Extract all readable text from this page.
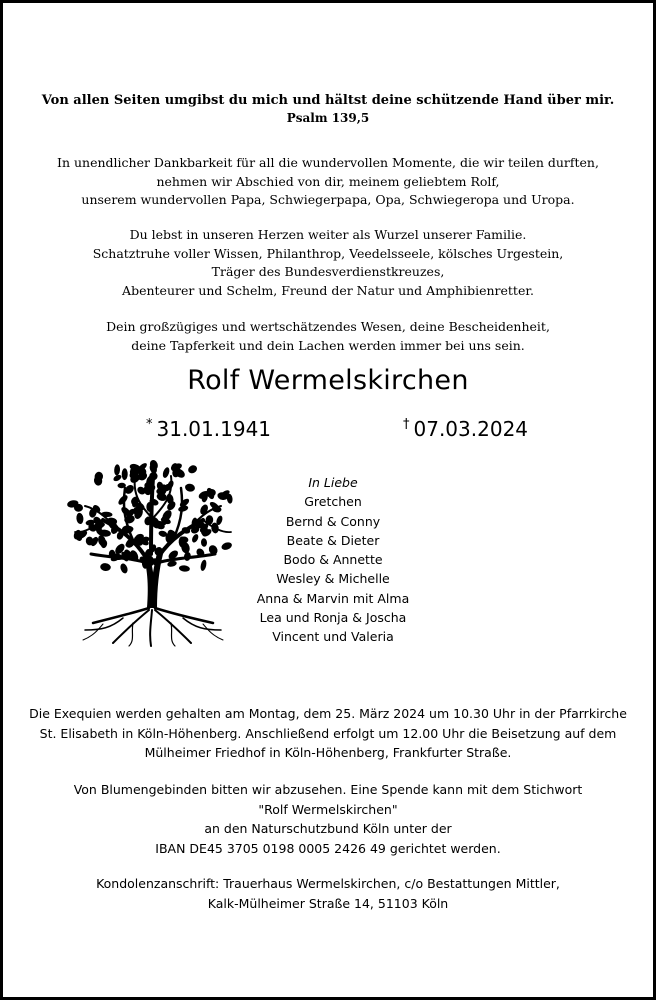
Von allen Seiten umgibst du mich und hältst deine schützende Hand über mir.
Psalm 139,5
In unendlicher Dankbarkeit für all die wundervollen Momente, die wir teilen durften,
nehmen wir Abschied von dir, meinem geliebtem Rolf,
unserem wundervollen Papa, Schwiegerpapa, Opa, Schwiegeropa und Uropa.
Du lebst in unseren Herzen weiter als Wurzel unserer Familie.
Schatztruhe voller Wissen, Philanthrop, Veedelsseele, kölsches Urgestein,
Träger des Bundesverdienstkreuzes,
Abenteurer und Schelm, Freund der Natur und Amphibienretter.
Dein großzügiges und wertschätzendes Wesen, deine Bescheidenheit,
deine Tapferkeit und dein Lachen werden immer bei uns sein.
Rolf Wermelskirchen
* 31.01.1941	† 07.03.2024
In Liebe
Gretchen
Bernd & Conny
Beate & Dieter
Bodo & Annette
Wesley & Michelle
Anna & Marvin mit Alma
Lea und Ronja & Joscha
Vincent und Valeria
Die Exequien werden gehalten am Montag, dem 25. März 2024 um 10.30 Uhr in der Pfarrkirche
St. Elisabeth in Köln-Höhenberg. Anschließend erfolgt um 12.00 Uhr die Beisetzung auf dem
Mülheimer Friedhof in Köln-Höhenberg, Frankfurter Straße.
Von Blumengebinden bitten wir abzusehen. Eine Spende kann mit dem Stichwort
"Rolf Wermelskirchen"
an den Naturschutzbund Köln unter der
IBAN DE45 3705 0198 0005 2426 49 gerichtet werden.
Kondolenzanschrift: Trauerhaus Wermelskirchen, c/o Bestattungen Mittler,
Kalk-Mülheimer Straße 14, 51103 Köln
